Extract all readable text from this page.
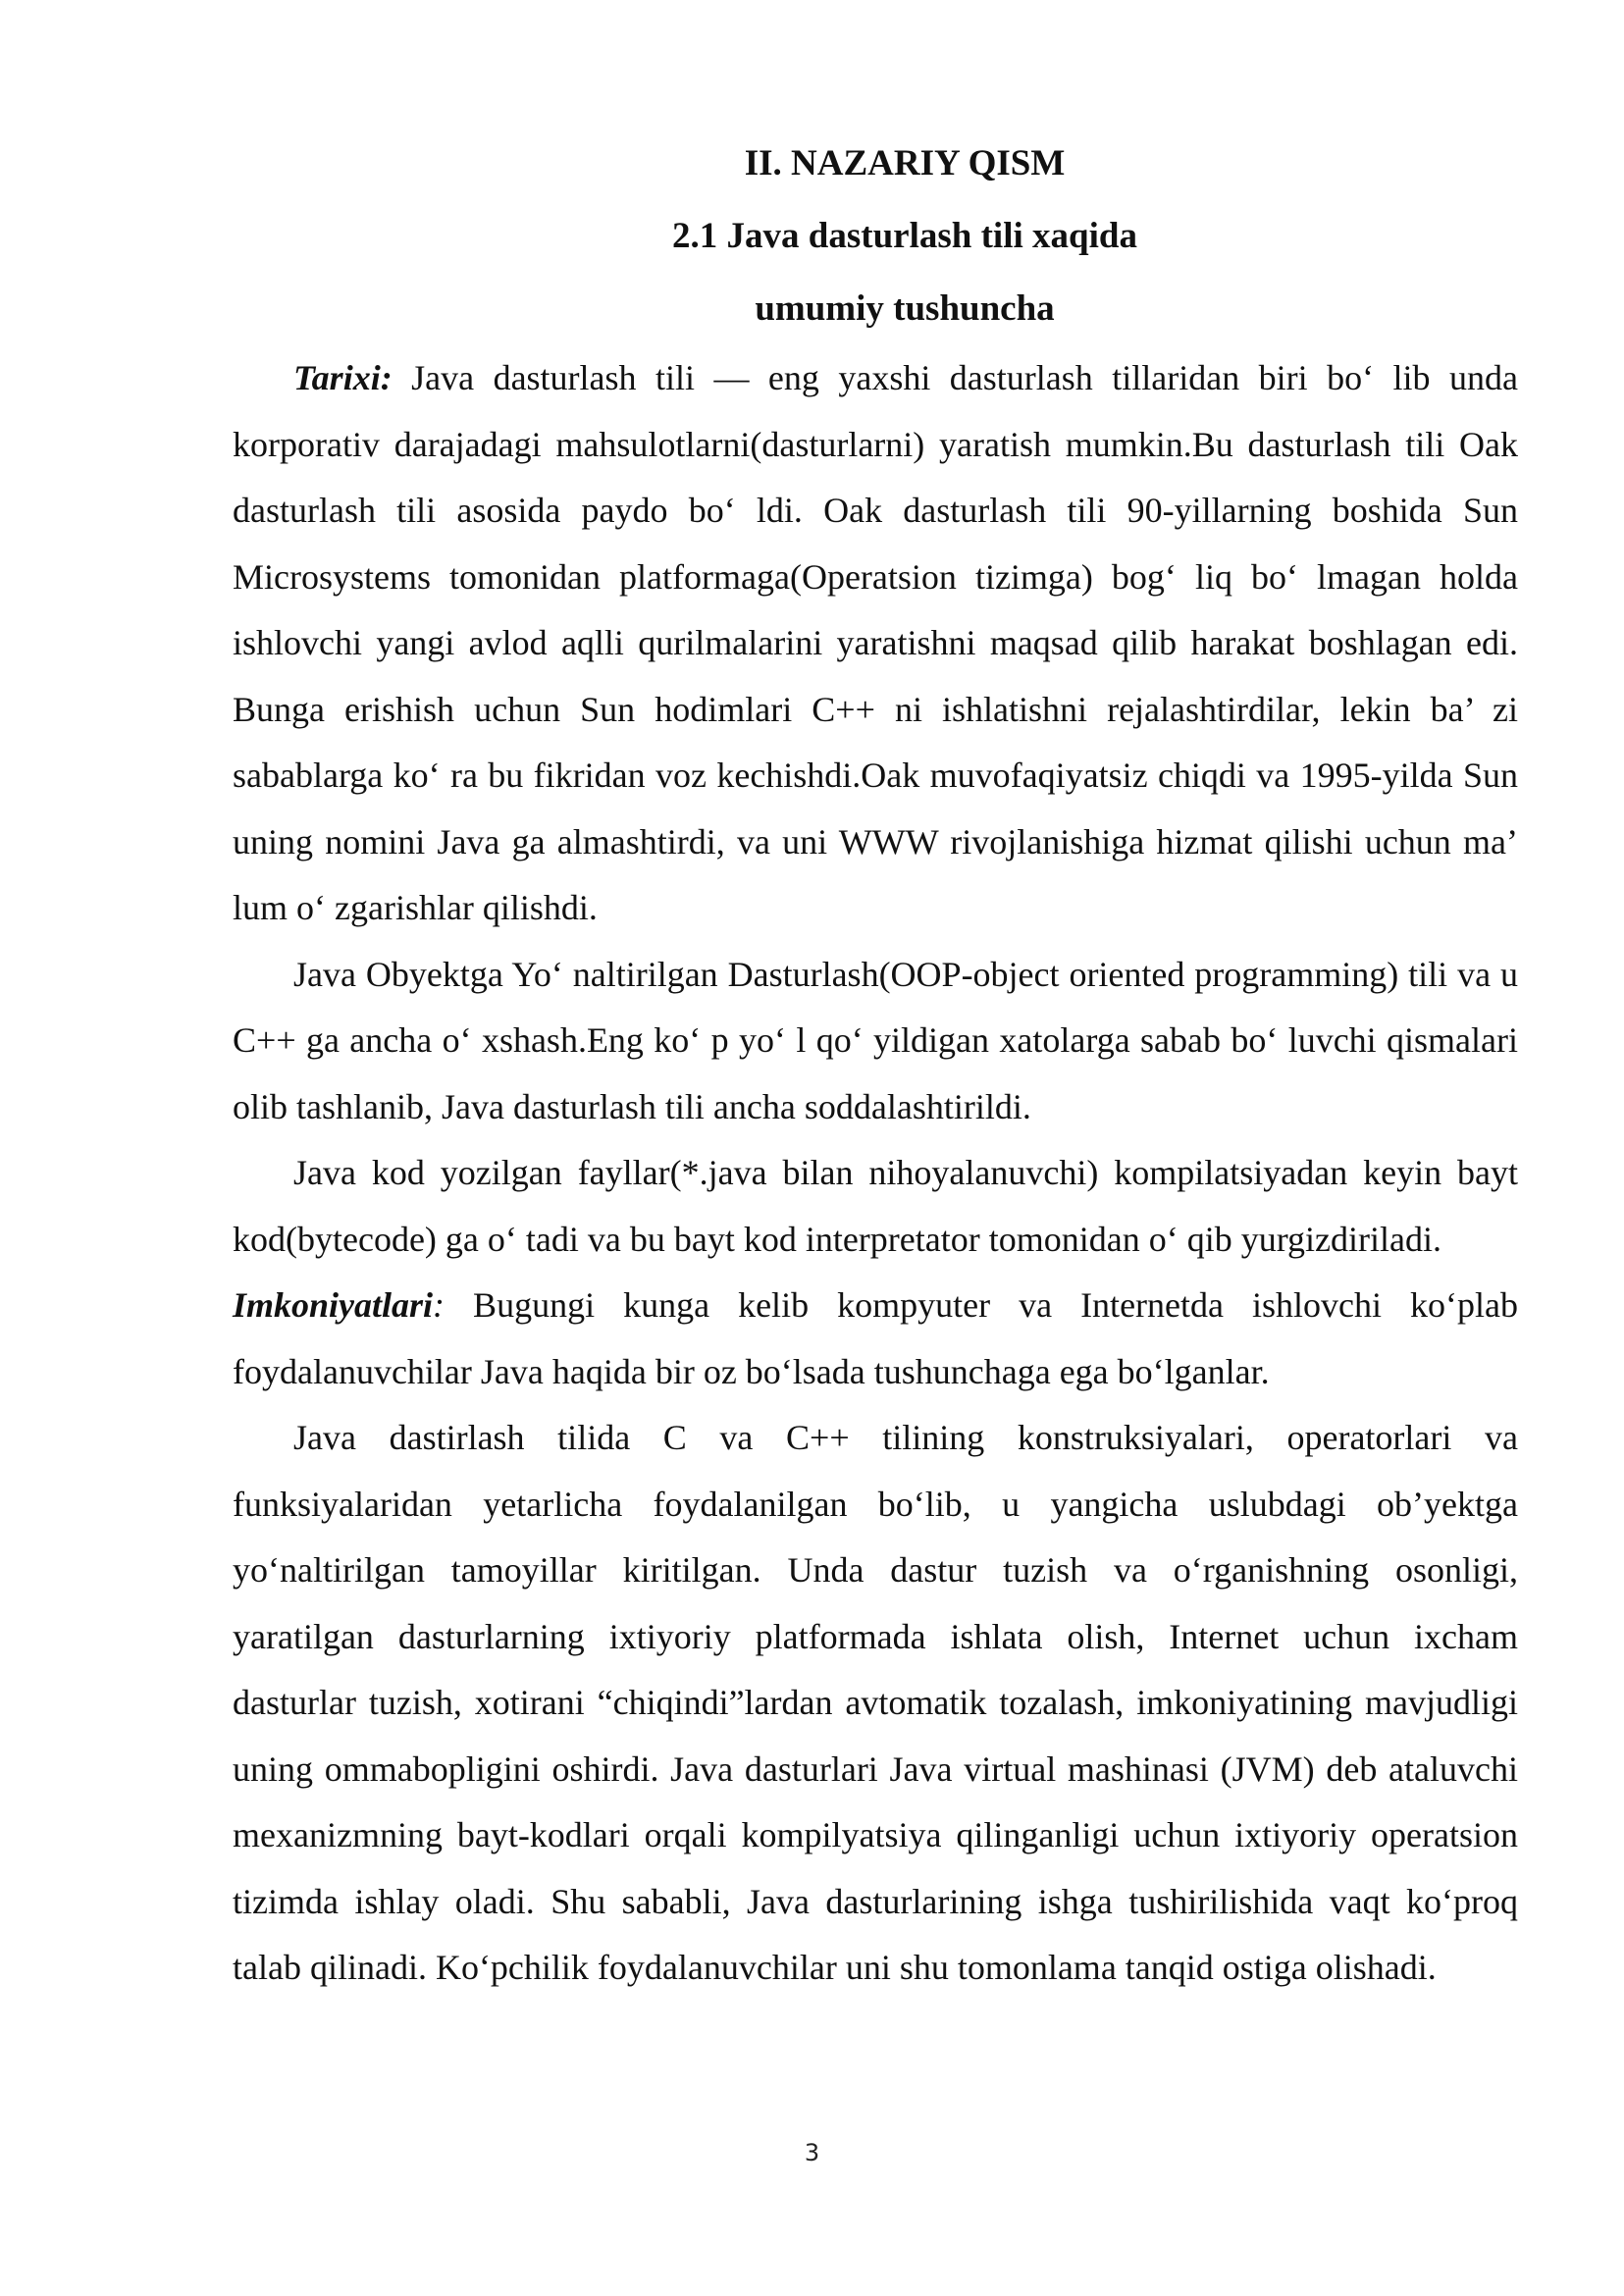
II. NAZARIY QISM
2.1 Java dasturlash tili xaqida
umumiy tushuncha

Tarixi: Java dasturlash tili — eng yaxshi dasturlash tillaridan biri bo‘ lib unda korporativ darajadagi mahsulotlarni(dasturlarni) yaratish mumkin.Bu dasturlash tili Oak dasturlash tili asosida paydo bo‘ ldi. Oak dasturlash tili 90-yillarning boshida Sun Microsystems tomonidan platformaga(Operatsion tizimga) bog‘ liq bo‘ lmagan holda ishlovchi yangi avlod aqlli qurilmalarini yaratishni maqsad qilib harakat boshlagan edi. Bunga erishish uchun Sun hodimlari C++ ni ishlatishni rejalashtirdilar, lekin ba’ zi sabablarga ko‘ ra bu fikridan voz kechishdi.Oak muvofaqiyatsiz chiqdi va 1995-yilda Sun uning nomini Java ga almashtirdi, va uni WWW rivojlanishiga hizmat qilishi uchun ma’ lum o‘ zgarishlar qilishdi.

Java Obyektga Yo‘ naltirilgan Dasturlash(OOP-object oriented programming) tili va u C++ ga ancha o‘ xshash.Eng ko‘ p yo‘ l qo‘ yildigan xatolarga sabab bo‘ luvchi qismalari olib tashlanib, Java dasturlash tili ancha soddalashtirildi.

Java kod yozilgan fayllar(*.java bilan nihoyalanuvchi) kompilatsiyadan keyin bayt kod(bytecode) ga o‘ tadi va bu bayt kod interpretator tomonidan o‘ qib yurgizdiriladi.

Imkoniyatlari: Bugungi kunga kelib kompyuter va Internetda ishlovchi ko‘plab foydalanuvchilar Java haqida bir oz bo‘lsada tushunchaga ega bo‘lganlar.

Java dastirlash tilida C va C++ tilining konstruksiyalari, operatorlari va funksiyalaridan yetarlicha foydalanilgan bo‘lib, u yangicha uslubdagi ob’yektga yo‘naltirilgan tamoyillar kiritilgan. Unda dastur tuzish va o‘rganishning osonligi, yaratilgan dasturlarning ixtiyoriy platformada ishlata olish, Internet uchun ixcham dasturlar tuzish, xotirani “chiqindi”lardan avtomatik tozalash, imkoniyatining mavjudligi uning ommabopligini oshirdi. Java dasturlari Java virtual mashinasi (JVM) deb ataluvchi mexanizmning bayt-kodlari orqali kompilyatsiya qilinganligi uchun ixtiyoriy operatsion tizimda ishlay oladi. Shu sababli, Java dasturlarining ishga tushirilishida vaqt ko‘proq talab qilinadi. Ko‘pchilik foydalanuvchilar uni shu tomonlama tanqid ostiga olishadi.

3
